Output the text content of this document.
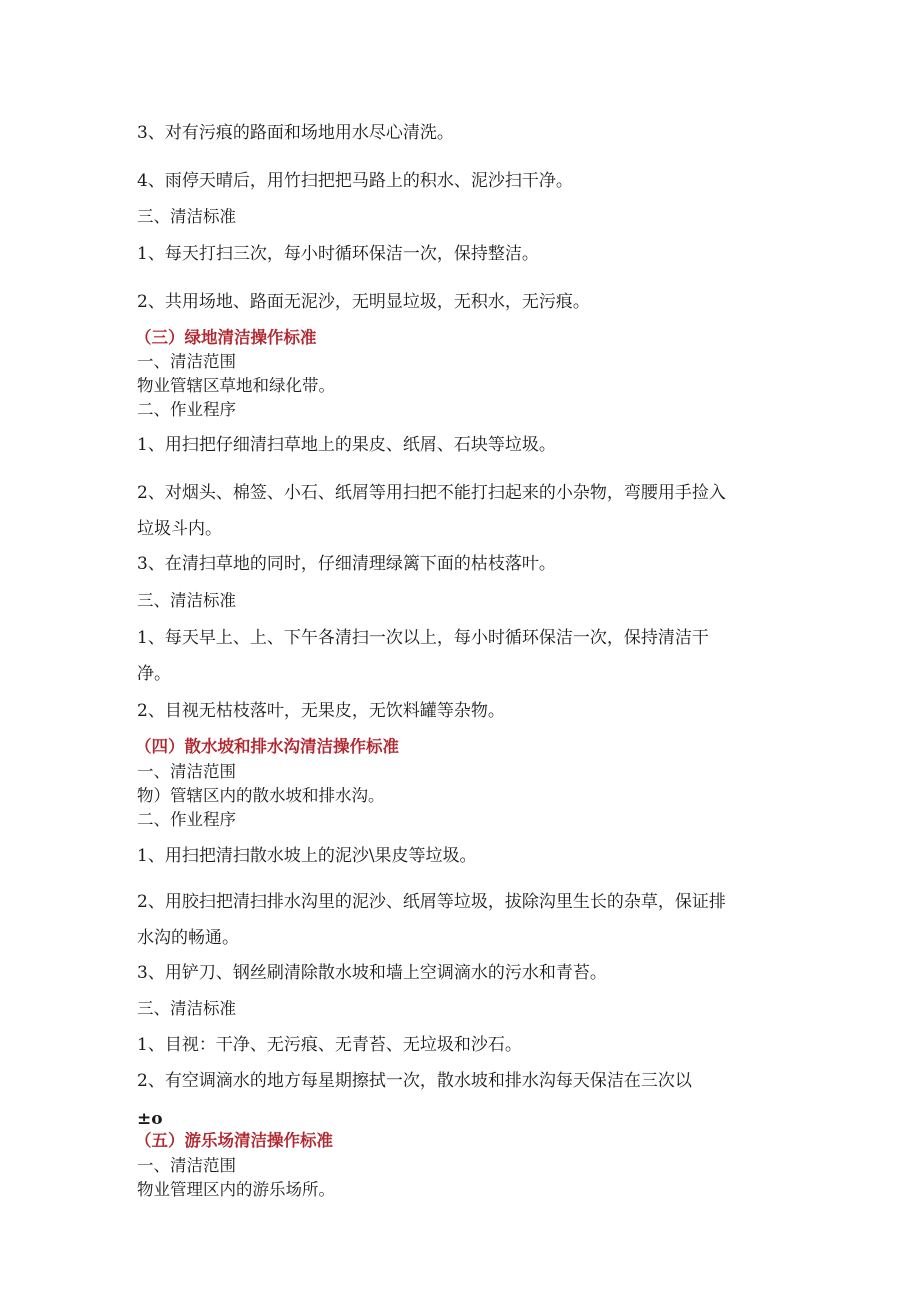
3、对有污痕的路面和场地用水尽心清洗。
4、雨停天晴后，用竹扫把把马路上的积水、泥沙扫干净。
三、清洁标准
1、每天打扫三次，每小时循环保洁一次，保持整洁。
2、共用场地、路面无泥沙，无明显垃圾，无积水，无污痕。
（三）绿地清洁操作标准
一、清洁范围
物业管辖区草地和绿化带。
二、作业程序
1、用扫把仔细清扫草地上的果皮、纸屑、石块等垃圾。
2、对烟头、棉签、小石、纸屑等用扫把不能打扫起来的小杂物，弯腰用手捡入
垃圾斗内。
3、在清扫草地的同时，仔细清理绿篱下面的枯枝落叶。
三、清洁标准
1、每天早上、上、下午各清扫一次以上，每小时循环保洁一次，保持清洁干
净。
2、目视无枯枝落叶，无果皮，无饮料罐等杂物。
（四）散水坡和排水沟清洁操作标准
一、清洁范围
物）管辖区内的散水坡和排水沟。
二、作业程序
1、用扫把清扫散水坡上的泥沙\果皮等垃圾。
2、用胶扫把清扫排水沟里的泥沙、纸屑等垃圾，拔除沟里生长的杂草，保证排
水沟的畅通。
3、用铲刀、钢丝刷清除散水坡和墙上空调滴水的污水和青苔。
三、清洁标准
1、目视：干净、无污痕、无青苔、无垃圾和沙石。
2、有空调滴水的地方每星期擦拭一次，散水坡和排水沟每天保洁在三次以
±o
（五）游乐场清洁操作标准
一、清洁范围
物业管理区内的游乐场所。
